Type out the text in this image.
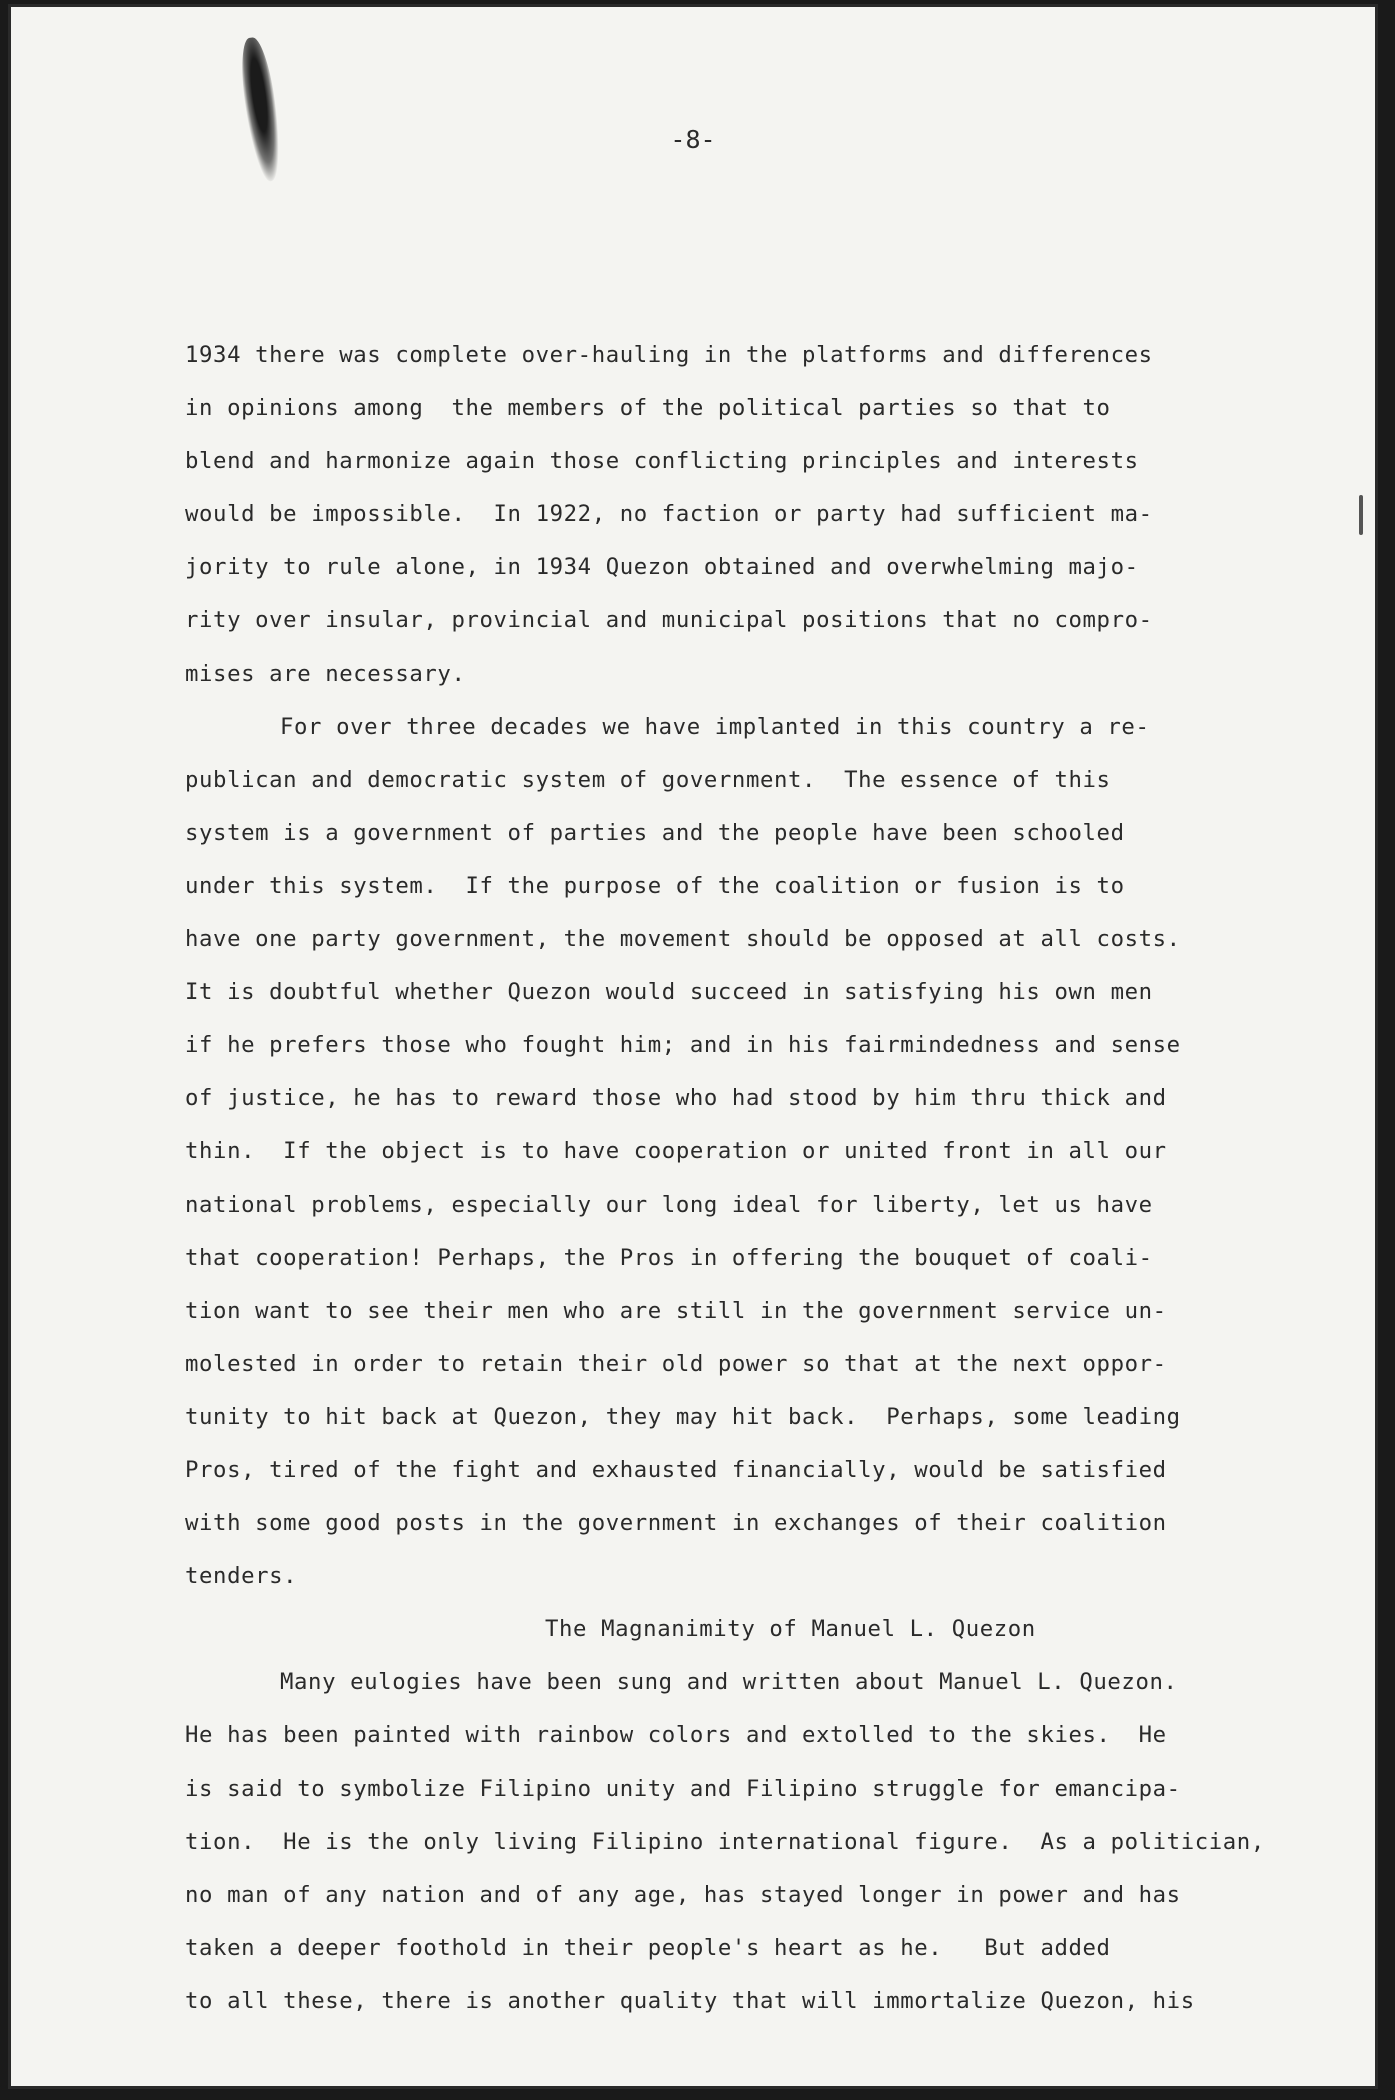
-8-
1934 there was complete over-hauling in the platforms and differences
in opinions among  the members of the political parties so that to
blend and harmonize again those conflicting principles and interests
would be impossible.  In 1922, no faction or party had sufficient ma-
jority to rule alone, in 1934 Quezon obtained and overwhelming majo-
rity over insular, provincial and municipal positions that no compro-
mises are necessary.
For over three decades we have implanted in this country a re-
publican and democratic system of government.  The essence of this
system is a government of parties and the people have been schooled
under this system.  If the purpose of the coalition or fusion is to
have one party government, the movement should be opposed at all costs.
It is doubtful whether Quezon would succeed in satisfying his own men
if he prefers those who fought him; and in his fairmindedness and sense
of justice, he has to reward those who had stood by him thru thick and
thin.  If the object is to have cooperation or united front in all our
national problems, especially our long ideal for liberty, let us have
that cooperation! Perhaps, the Pros in offering the bouquet of coali-
tion want to see their men who are still in the government service un-
molested in order to retain their old power so that at the next oppor-
tunity to hit back at Quezon, they may hit back.  Perhaps, some leading
Pros, tired of the fight and exhausted financially, would be satisfied
with some good posts in the government in exchanges of their coalition
tenders.
The Magnanimity of Manuel L. Quezon
Many eulogies have been sung and written about Manuel L. Quezon.
He has been painted with rainbow colors and extolled to the skies.  He
is said to symbolize Filipino unity and Filipino struggle for emancipa-
tion.  He is the only living Filipino international figure.  As a politician,
no man of any nation and of any age, has stayed longer in power and has
taken a deeper foothold in their people's heart as he.   But added
to all these, there is another quality that will immortalize Quezon, his
